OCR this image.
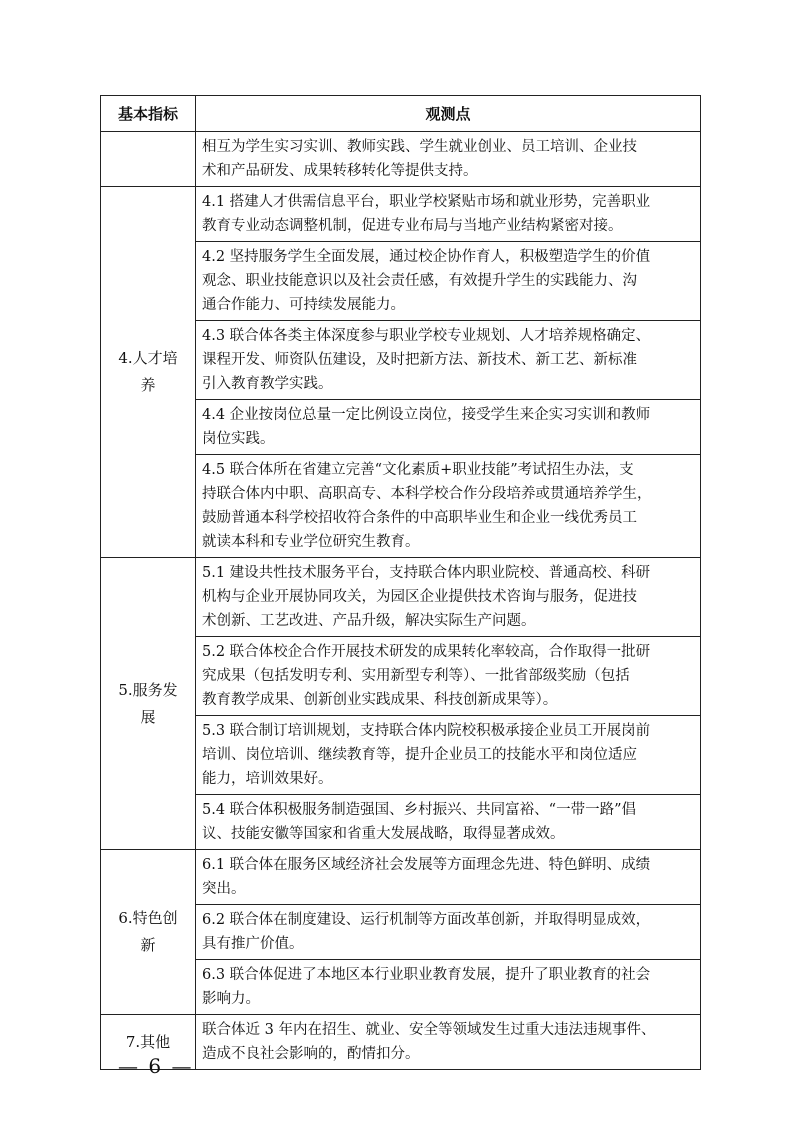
基本指标	观测点

	相互为学生实习实训、教师实践、学生就业创业、员工培训、企业技
术和产品研发、成果转移转化等提供支持。

4.人才培
养	4.1 搭建人才供需信息平台，职业学校紧贴市场和就业形势，完善职业
教育专业动态调整机制，促进专业布局与当地产业结构紧密对接。

	4.2 坚持服务学生全面发展，通过校企协作育人，积极塑造学生的价值
观念、职业技能意识以及社会责任感，有效提升学生的实践能力、沟
通合作能力、可持续发展能力。

	4.3 联合体各类主体深度参与职业学校专业规划、人才培养规格确定、
课程开发、师资队伍建设，及时把新方法、新技术、新工艺、新标准
引入教育教学实践。

	4.4 企业按岗位总量一定比例设立岗位，接受学生来企实习实训和教师
岗位实践。

	4.5 联合体所在省建立完善“文化素质+职业技能”考试招生办法，支
持联合体内中职、高职高专、本科学校合作分段培养或贯通培养学生，
鼓励普通本科学校招收符合条件的中高职毕业生和企业一线优秀员工
就读本科和专业学位研究生教育。

5.服务发
展	5.1 建设共性技术服务平台，支持联合体内职业院校、普通高校、科研
机构与企业开展协同攻关，为园区企业提供技术咨询与服务，促进技
术创新、工艺改进、产品升级，解决实际生产问题。

	5.2 联合体校企合作开展技术研发的成果转化率较高，合作取得一批研
究成果（包括发明专利、实用新型专利等）、一批省部级奖励（包括
教育教学成果、创新创业实践成果、科技创新成果等）。

	5.3 联合制订培训规划，支持联合体内院校积极承接企业员工开展岗前
培训、岗位培训、继续教育等，提升企业员工的技能水平和岗位适应
能力，培训效果好。

	5.4 联合体积极服务制造强国、乡村振兴、共同富裕、“一带一路”倡
议、技能安徽等国家和省重大发展战略，取得显著成效。

6.特色创
新	6.1 联合体在服务区域经济社会发展等方面理念先进、特色鲜明、成绩
突出。

	6.2 联合体在制度建设、运行机制等方面改革创新，并取得明显成效，
具有推广价值。

	6.3 联合体促进了本地区本行业职业教育发展，提升了职业教育的社会
影响力。

7.其他	联合体近 3 年内在招生、就业、安全等领域发生过重大违法违规事件、
造成不良社会影响的，酌情扣分。
— 6 —
